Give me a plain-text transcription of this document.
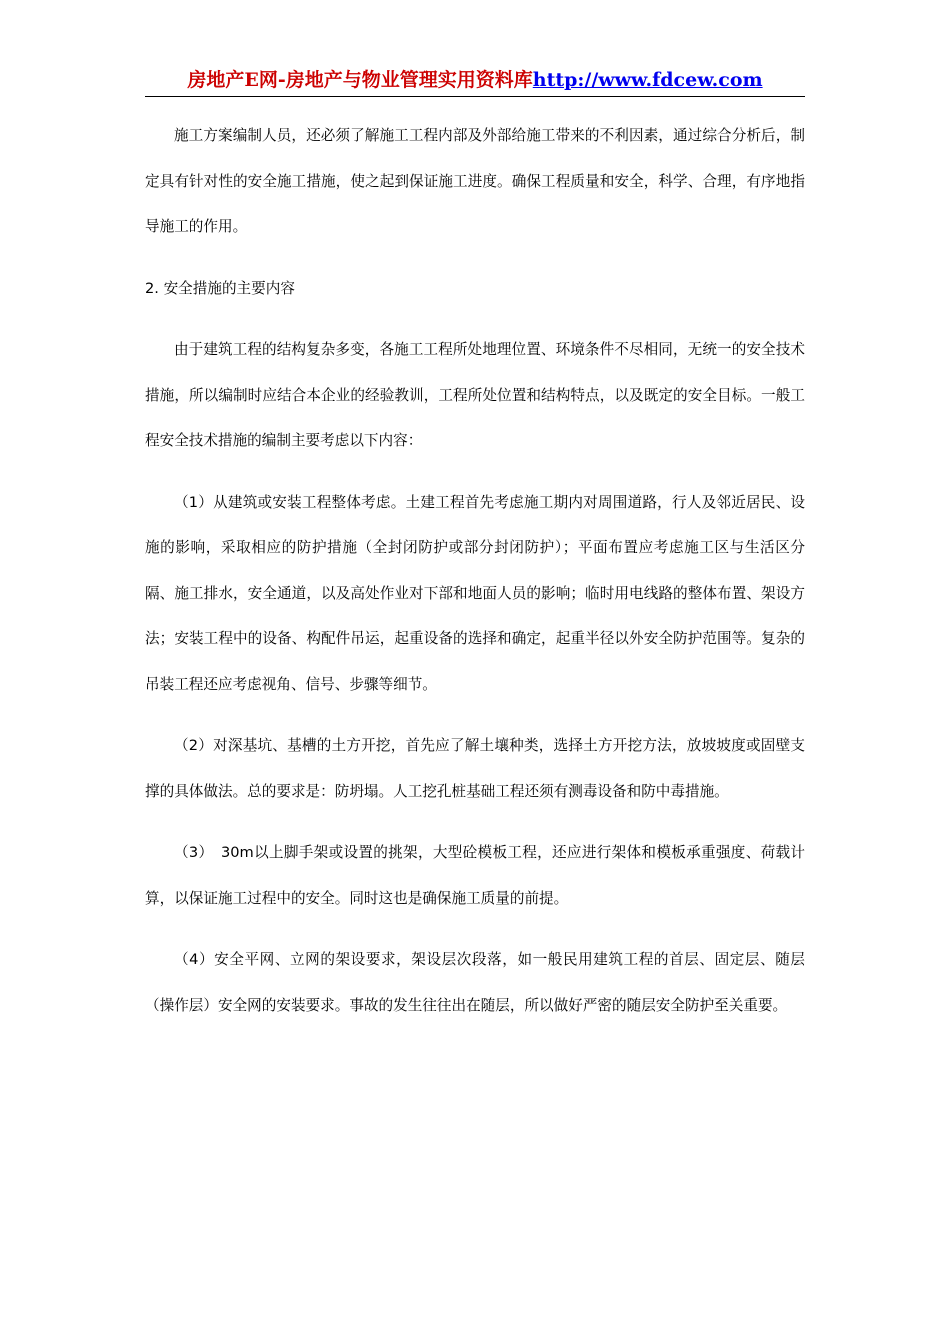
房地产E网-房地产与物业管理实用资料库http://www.fdcew.com

施工方案编制人员，还必须了解施工工程内部及外部给施工带来的不利因素，通过综合分析后，制定具有针对性的安全施工措施，使之起到保证施工进度。确保工程质量和安全，科学、合理，有序地指导施工的作用。

2. 安全措施的主要内容

由于建筑工程的结构复杂多变，各施工工程所处地理位置、环境条件不尽相同，无统一的安全技术措施，所以编制时应结合本企业的经验教训，工程所处位置和结构特点，以及既定的安全目标。一般工程安全技术措施的编制主要考虑以下内容：

（1）从建筑或安装工程整体考虑。土建工程首先考虑施工期内对周围道路，行人及邻近居民、设施的影响，采取相应的防护措施（全封闭防护或部分封闭防护）；平面布置应考虑施工区与生活区分隔、施工排水，安全通道，以及高处作业对下部和地面人员的影响；临时用电线路的整体布置、架设方法；安装工程中的设备、构配件吊运，起重设备的选择和确定，起重半径以外安全防护范围等。复杂的吊装工程还应考虑视角、信号、步骤等细节。

（2）对深基坑、基槽的土方开挖，首先应了解土壤种类，选择土方开挖方法，放坡坡度或固壁支撑的具体做法。总的要求是：防坍塌。人工挖孔桩基础工程还须有测毒设备和防中毒措施。

（3）　30m以上脚手架或设置的挑架，大型砼模板工程，还应进行架体和模板承重强度、荷载计算，以保证施工过程中的安全。同时这也是确保施工质量的前提。

（4）安全平网、立网的架设要求，架设层次段落，如一般民用建筑工程的首层、固定层、随层（操作层）安全网的安装要求。事故的发生往往出在随层，所以做好严密的随层安全防护至关重要。
